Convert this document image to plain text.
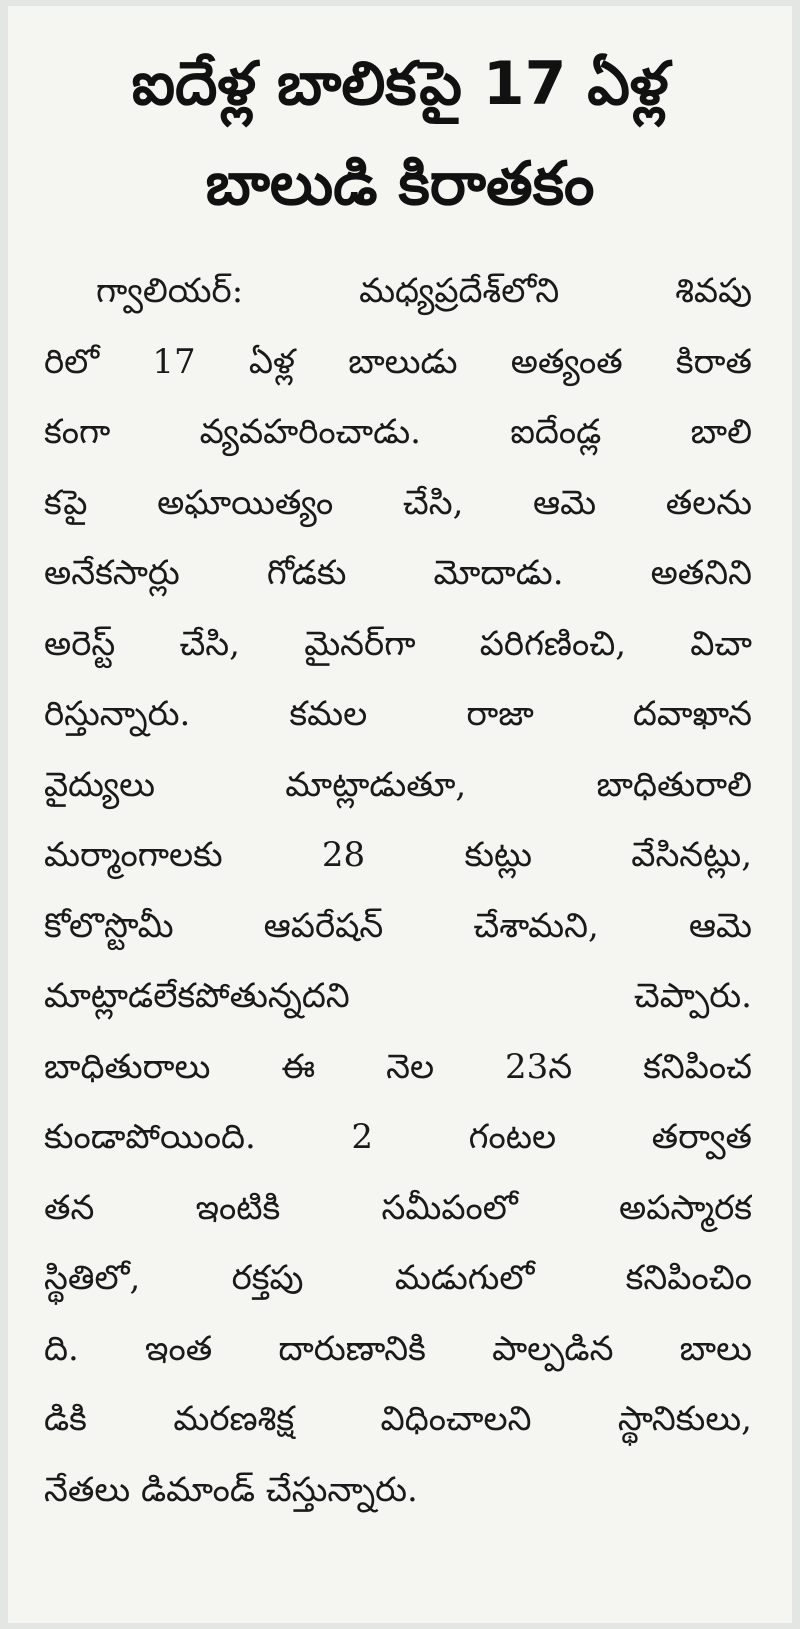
ఐదేళ్ల బాలికపై 17 ఏళ్ల
బాలుడి కిరాతకం
గ్వాలియర్: మధ్యప్రదేశ్‌లోని శివపు
రిలో 17 ఏళ్ల బాలుడు అత్యంత కిరాత
కంగా వ్యవహరించాడు. ఐదేండ్ల బాలి
కపై అఘాయిత్యం చేసి, ఆమె తలను
అనేకసార్లు గోడకు మోదాడు. అతనిని
అరెస్ట్ చేసి, మైనర్‌గా పరిగణించి, విచా
రిస్తున్నారు. కమల రాజా దవాఖాన
వైద్యులు మాట్లాడుతూ, బాధితురాలి
మర్మాంగాలకు 28 కుట్లు వేసినట్లు,
కోలొస్టొమీ ఆపరేషన్ చేశామని, ఆమె
మాట్లాడలేకపోతున్నదని చెప్పారు.
బాధితురాలు ఈ నెల 23న కనిపించ
కుండాపోయింది. 2 గంటల తర్వాత
తన ఇంటికి సమీపంలో అపస్మారక
స్థితిలో, రక్తపు మడుగులో కనిపించిం
ది. ఇంత దారుణానికి పాల్పడిన బాలు
డికి మరణశిక్ష విధించాలని స్థానికులు,
నేతలు డిమాండ్ చేస్తున్నారు.
